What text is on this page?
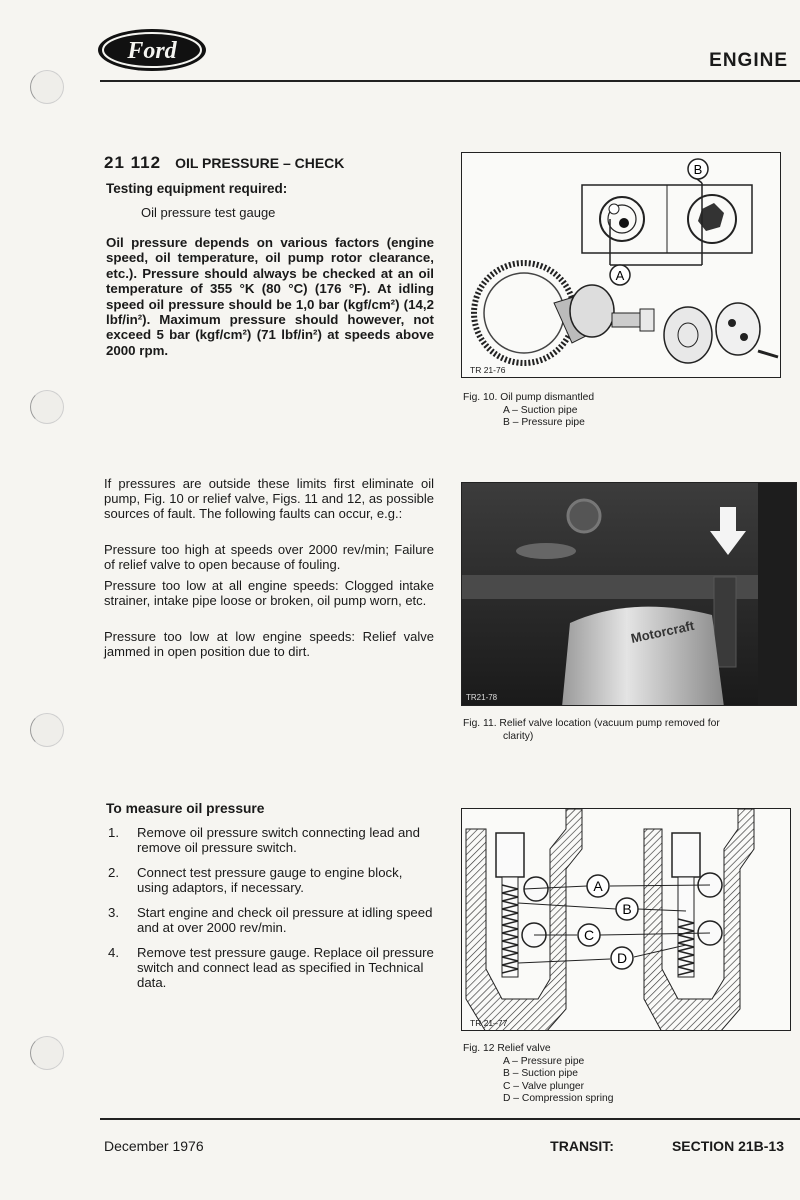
Ford	ENGINE
21 112 OIL PRESSURE – CHECK
Testing equipment required:
Oil pressure test gauge
Oil pressure depends on various factors (engine speed, oil temperature, oil pump rotor clearance, etc.). Pressure should always be checked at an oil temperature of 355 °K (80 °C) (176 °F). At idling speed oil pressure should be 1,0 bar (kgf/cm²) (14,2 lbf/in²). Maximum pressure should however, not exceed 5 bar (kgf/cm²) (71 lbf/in²) at speeds above 2000 rpm.
If pressures are outside these limits first eliminate oil pump, Fig. 10 or relief valve, Figs. 11 and 12, as possible sources of fault. The following faults can occur, e.g.:
Pressure too high at speeds over 2000 rev/min; Failure of relief valve to open because of fouling.
Pressure too low at all engine speeds: Clogged intake strainer, intake pipe loose or broken, oil pump worn, etc.
Pressure too low at low engine speeds: Relief valve jammed in open position due to dirt.
To measure oil pressure
1.	Remove oil pressure switch connecting lead and remove oil pressure switch.
2.	Connect test pressure gauge to engine block, using adaptors, if necessary.
3.	Start engine and check oil pressure at idling speed and at over 2000 rev/min.
4.	Remove test pressure gauge. Replace oil pressure switch and connect lead as specified in Technical data.
A
B
TR 21-76
Fig. 10. Oil pump dismantled
A – Suction pipe
B – Pressure pipe
Motorcraft
TR21-78
Fig. 11. Relief valve location (vacuum pump removed for
clarity)
A
B
C
D
TR 21–77
Fig. 12 Relief valve
A – Pressure pipe
B – Suction pipe
C – Valve plunger
D – Compression spring
December 1976	TRANSIT:	SECTION 21B-13
